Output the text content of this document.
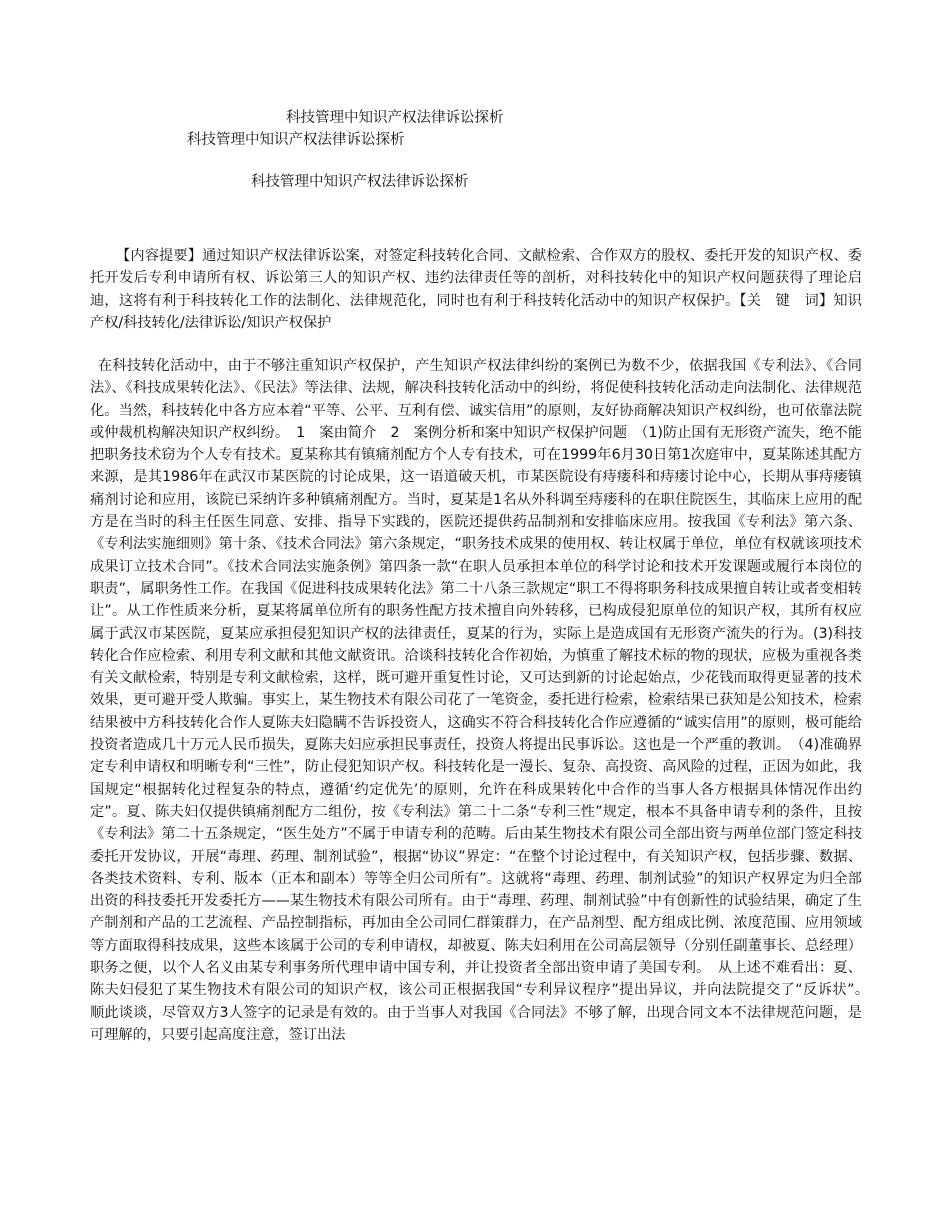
科技管理中知识产权法律诉讼探析
科技管理中知识产权法律诉讼探析
科技管理中知识产权法律诉讼探析

【内容提要】通过知识产权法律诉讼案，对签定科技转化合同、文献检索、合作双方的股权、委托开发的知识产权、委托开发后专利申请所有权、诉讼第三人的知识产权、违约法律责任等的剖析，对科技转化中的知识产权问题获得了理论启迪，这将有利于科技转化工作的法制化、法律规范化，同时也有利于科技转化活动中的知识产权保护。【关　键　词】知识产权/科技转化/法律诉讼/知识产权保护

在科技转化活动中，由于不够注重知识产权保护，产生知识产权法律纠纷的案例已为数不少，依据我国《专利法》、《合同法》、《科技成果转化法》、《民法》等法律、法规，解决科技转化活动中的纠纷，将促使科技转化活动走向法制化、法律规范化。当然，科技转化中各方应本着“平等、公平、互利有偿、诚实信用”的原则，友好协商解决知识产权纠纷，也可依靠法院或仲裁机构解决知识产权纠纷。　1　案由简介　2　案例分析和案中知识产权保护问题　（1)防止国有无形资产流失，绝不能把职务技术窃为个人专有技术。夏某称其有镇痛剂配方个人专有技术，可在1999年6月30日第1次庭审中，夏某陈述其配方来源，是其1986年在武汉市某医院的讨论成果，这一语道破天机，市某医院设有痔瘘科和痔瘘讨论中心，长期从事痔瘘镇痛剂讨论和应用，该院已采纳许多种镇痛剂配方。当时，夏某是1名从外科调至痔瘘科的在职住院医生，其临床上应用的配方是在当时的科主任医生同意、安排、指导下实践的，医院还提供药品制剂和安排临床应用。按我国《专利法》第六条、《专利法实施细则》第十条、《技术合同法》第六条规定，“职务技术成果的使用权、转让权属于单位，单位有权就该项技术成果订立技术合同”。《技术合同法实施条例》第四条一款“在职人员承担本单位的科学讨论和技术开发课题或履行本岗位的职责”，属职务性工作。在我国《促进科技成果转化法》第二十八条三款规定“职工不得将职务科技成果擅自转让或者变相转让”。从工作性质来分析，夏某将属单位所有的职务性配方技术擅自向外转移，已构成侵犯原单位的知识产权，其所有权应属于武汉市某医院，夏某应承担侵犯知识产权的法律责任，夏某的行为，实际上是造成国有无形资产流失的行为。(3)科技转化合作应检索、利用专利文献和其他文献资讯。洽谈科技转化合作初始，为慎重了解技术标的物的现状，应极为重视各类有关文献检索，特别是专利文献检索，这样，既可避开重复性讨论，又可达到新的讨论起始点，少花钱而取得更显著的技术效果，更可避开受人欺骗。事实上，某生物技术有限公司花了一笔资金，委托进行检索，检索结果已获知是公知技术，检索结果被中方科技转化合作人夏陈夫妇隐瞒不告诉投资人，这确实不符合科技转化合作应遵循的“诚实信用”的原则，极可能给投资者造成几十万元人民币损失，夏陈夫妇应承担民事责任，投资人将提出民事诉讼。这也是一个严重的教训。　（4)准确界定专利申请权和明晰专利“三性”，防止侵犯知识产权。科技转化是一漫长、复杂、高投资、高风险的过程，正因为如此，我国规定“根据转化过程复杂的特点，遵循‘约定优先’的原则，允许在科成果转化中合作的当事人各方根据具体情况作出约定”。夏、陈夫妇仅提供镇痛剂配方二组份，按《专利法》第二十二条“专利三性”规定，根本不具备申请专利的条件，且按《专利法》第二十五条规定，“医生处方”不属于申请专利的范畴。后由某生物技术有限公司全部出资与两单位部门签定科技委托开发协议，开展“毒理、药理、制剂试验”，根据“协议”界定：“在整个讨论过程中，有关知识产权，包括步骤、数据、各类技术资料、专利、版本（正本和副本）等等全归公司所有”。这就将“毒理、药理、制剂试验”的知识产权界定为归全部出资的科技委托开发委托方——某生物技术有限公司所有。由于“毒理、药理、制剂试验”中有创新性的试验结果，确定了生产制剂和产品的工艺流程、产品控制指标，再加由全公司同仁群策群力，在产品剂型、配方组成比例、浓度范围、应用领域等方面取得科技成果，这些本该属于公司的专利申请权，却被夏、陈夫妇利用在公司高层领导（分别任副董事长、总经理）职务之便，以个人名义由某专利事务所代理申请中国专利，并让投资者全部出资申请了美国专利。　从上述不难看出：夏、陈夫妇侵犯了某生物技术有限公司的知识产权，该公司正根据我国“专利异议程序”提出异议，并向法院提交了“反诉状”。　顺此谈谈，尽管双方3人签字的记录是有效的。由于当事人对我国《合同法》不够了解，出现合同文本不法律规范问题，是可理解的，只要引起高度注意，签订出法
